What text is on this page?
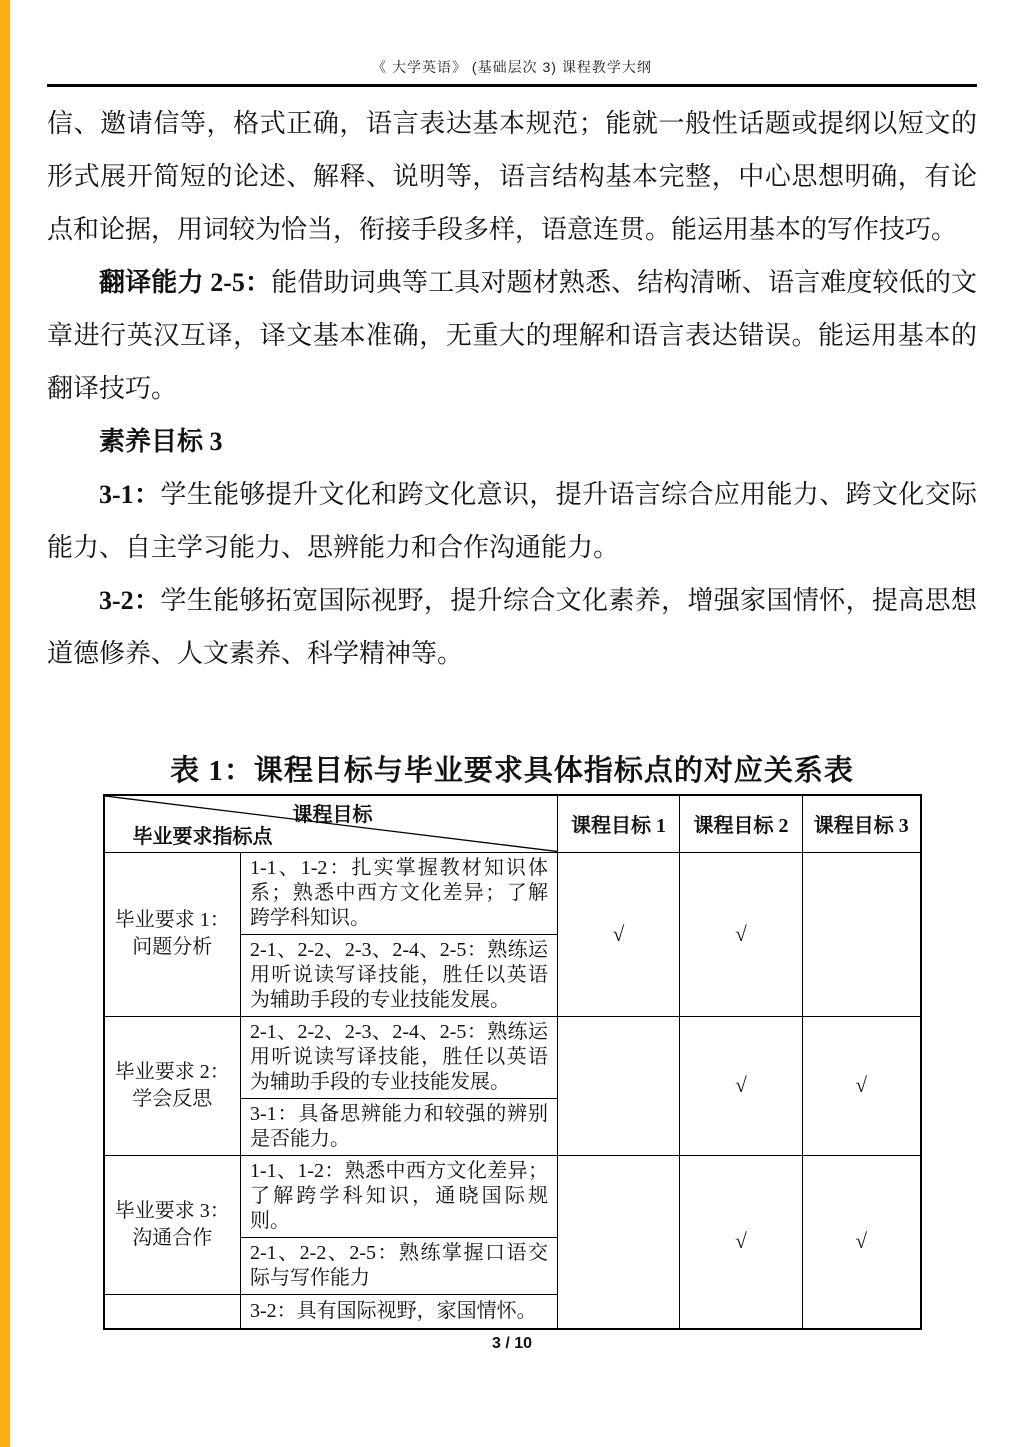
《 大学英语》 (基础层次 3) 课程教学大纲

信、邀请信等，格式正确，语言表达基本规范；能就一般性话题或提纲以短文的形式展开简短的论述、解释、说明等，语言结构基本完整，中心思想明确，有论点和论据，用词较为恰当，衔接手段多样，语意连贯。能运用基本的写作技巧。

翻译能力 2-5：能借助词典等工具对题材熟悉、结构清晰、语言难度较低的文章进行英汉互译，译文基本准确，无重大的理解和语言表达错误。能运用基本的翻译技巧。

素养目标 3

3-1：学生能够提升文化和跨文化意识，提升语言综合应用能力、跨文化交际能力、自主学习能力、思辨能力和合作沟通能力。

3-2：学生能够拓宽国际视野，提升综合文化素养，增强家国情怀，提高思想道德修养、人文素养、科学精神等。

表 1：课程目标与毕业要求具体指标点的对应关系表
课程目标
毕业要求指标点		课程目标 1	课程目标 2	课程目标 3

毕业要求 1：
问题分析	1-1、1-2：扎实掌握教材知识体系；熟悉中西方文化差异；了解跨学科知识。	√	√	
	2-1、2-2、2-3、2-4、2-5：熟练运用听说读写译技能，胜任以英语为辅助手段的专业技能发展。			

毕业要求 2：
学会反思	2-1、2-2、2-3、2-4、2-5：熟练运用听说读写译技能，胜任以英语为辅助手段的专业技能发展。		√	√
	3-1：具备思辨能力和较强的辨别是否能力。			

毕业要求 3：
沟通合作	1-1、1-2：熟悉中西方文化差异；了解跨学科知识，通晓国际规则。		√	√
	2-1、2-2、2-5：熟练掌握口语交际与写作能力			
	3-2：具有国际视野，家国情怀。			
3 / 10
